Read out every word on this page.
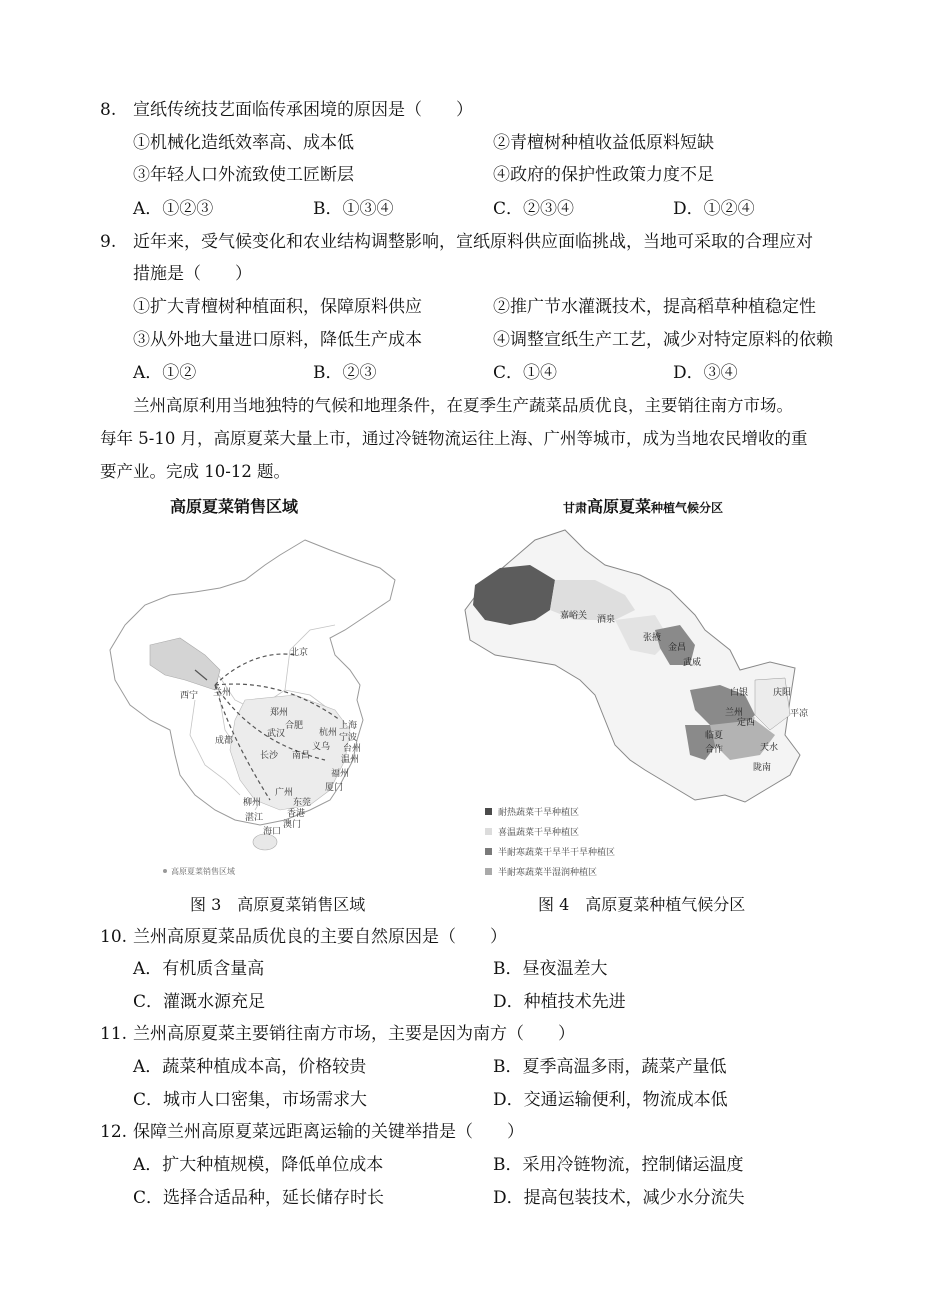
8. 宣纸传统技艺面临传承困境的原因是（　　）
①机械化造纸效率高、成本低	②青檀树种植收益低原料短缺
③年轻人口外流致使工匠断层	④政府的保护性政策力度不足
A．①②③	B．①③④	C．②③④	D．①②④
9. 近年来，受气候变化和农业结构调整影响，宣纸原料供应面临挑战，当地可采取的合理应对
措施是（　　）
①扩大青檀树种植面积，保障原料供应	②推广节水灌溉技术，提高稻草种植稳定性
③从外地大量进口原料，降低生产成本	④调整宣纸生产工艺，减少对特定原料的依赖
A．①②	B．②③	C．①④	D．③④
兰州高原利用当地独特的气候和地理条件，在夏季生产蔬菜品质优良，主要销往南方市场。
每年 5-10 月，高原夏菜大量上市，通过冷链物流运往上海、广州等城市，成为当地农民增收的重
要产业。完成 10-12 题。
高原夏菜销售区域
北京
西宁 兰州
郑州
合肥	上海
杭州 宁波
武汉
成都
义乌 台州
长沙 南昌	温州
福州
厦门
广州
柳州	东莞
湛江	香港
澳门
海口
高原夏菜销售区域
图 3　高原夏菜销售区域
甘肃高原夏菜种植气候分区
嘉峪关 酒泉
张掖
金昌
武威
白银
兰州
定西
临夏
合作
庆阳
平凉
天水
陇南
耐热蔬菜干旱种植区
喜温蔬菜干旱种植区
半耐寒蔬菜干旱半干旱种植区
半耐寒蔬菜半湿润种植区
图 4　高原夏菜种植气候分区
10. 兰州高原夏菜品质优良的主要自然原因是（　　）
A．有机质含量高	B．昼夜温差大
C．灌溉水源充足	D．种植技术先进
11. 兰州高原夏菜主要销往南方市场，主要是因为南方（　　）
A．蔬菜种植成本高，价格较贵	B．夏季高温多雨，蔬菜产量低
C．城市人口密集，市场需求大	D．交通运输便利，物流成本低
12. 保障兰州高原夏菜远距离运输的关键举措是（　　）
A．扩大种植规模，降低单位成本	B．采用冷链物流，控制储运温度
C．选择合适品种，延长储存时长	D．提高包装技术，减少水分流失
